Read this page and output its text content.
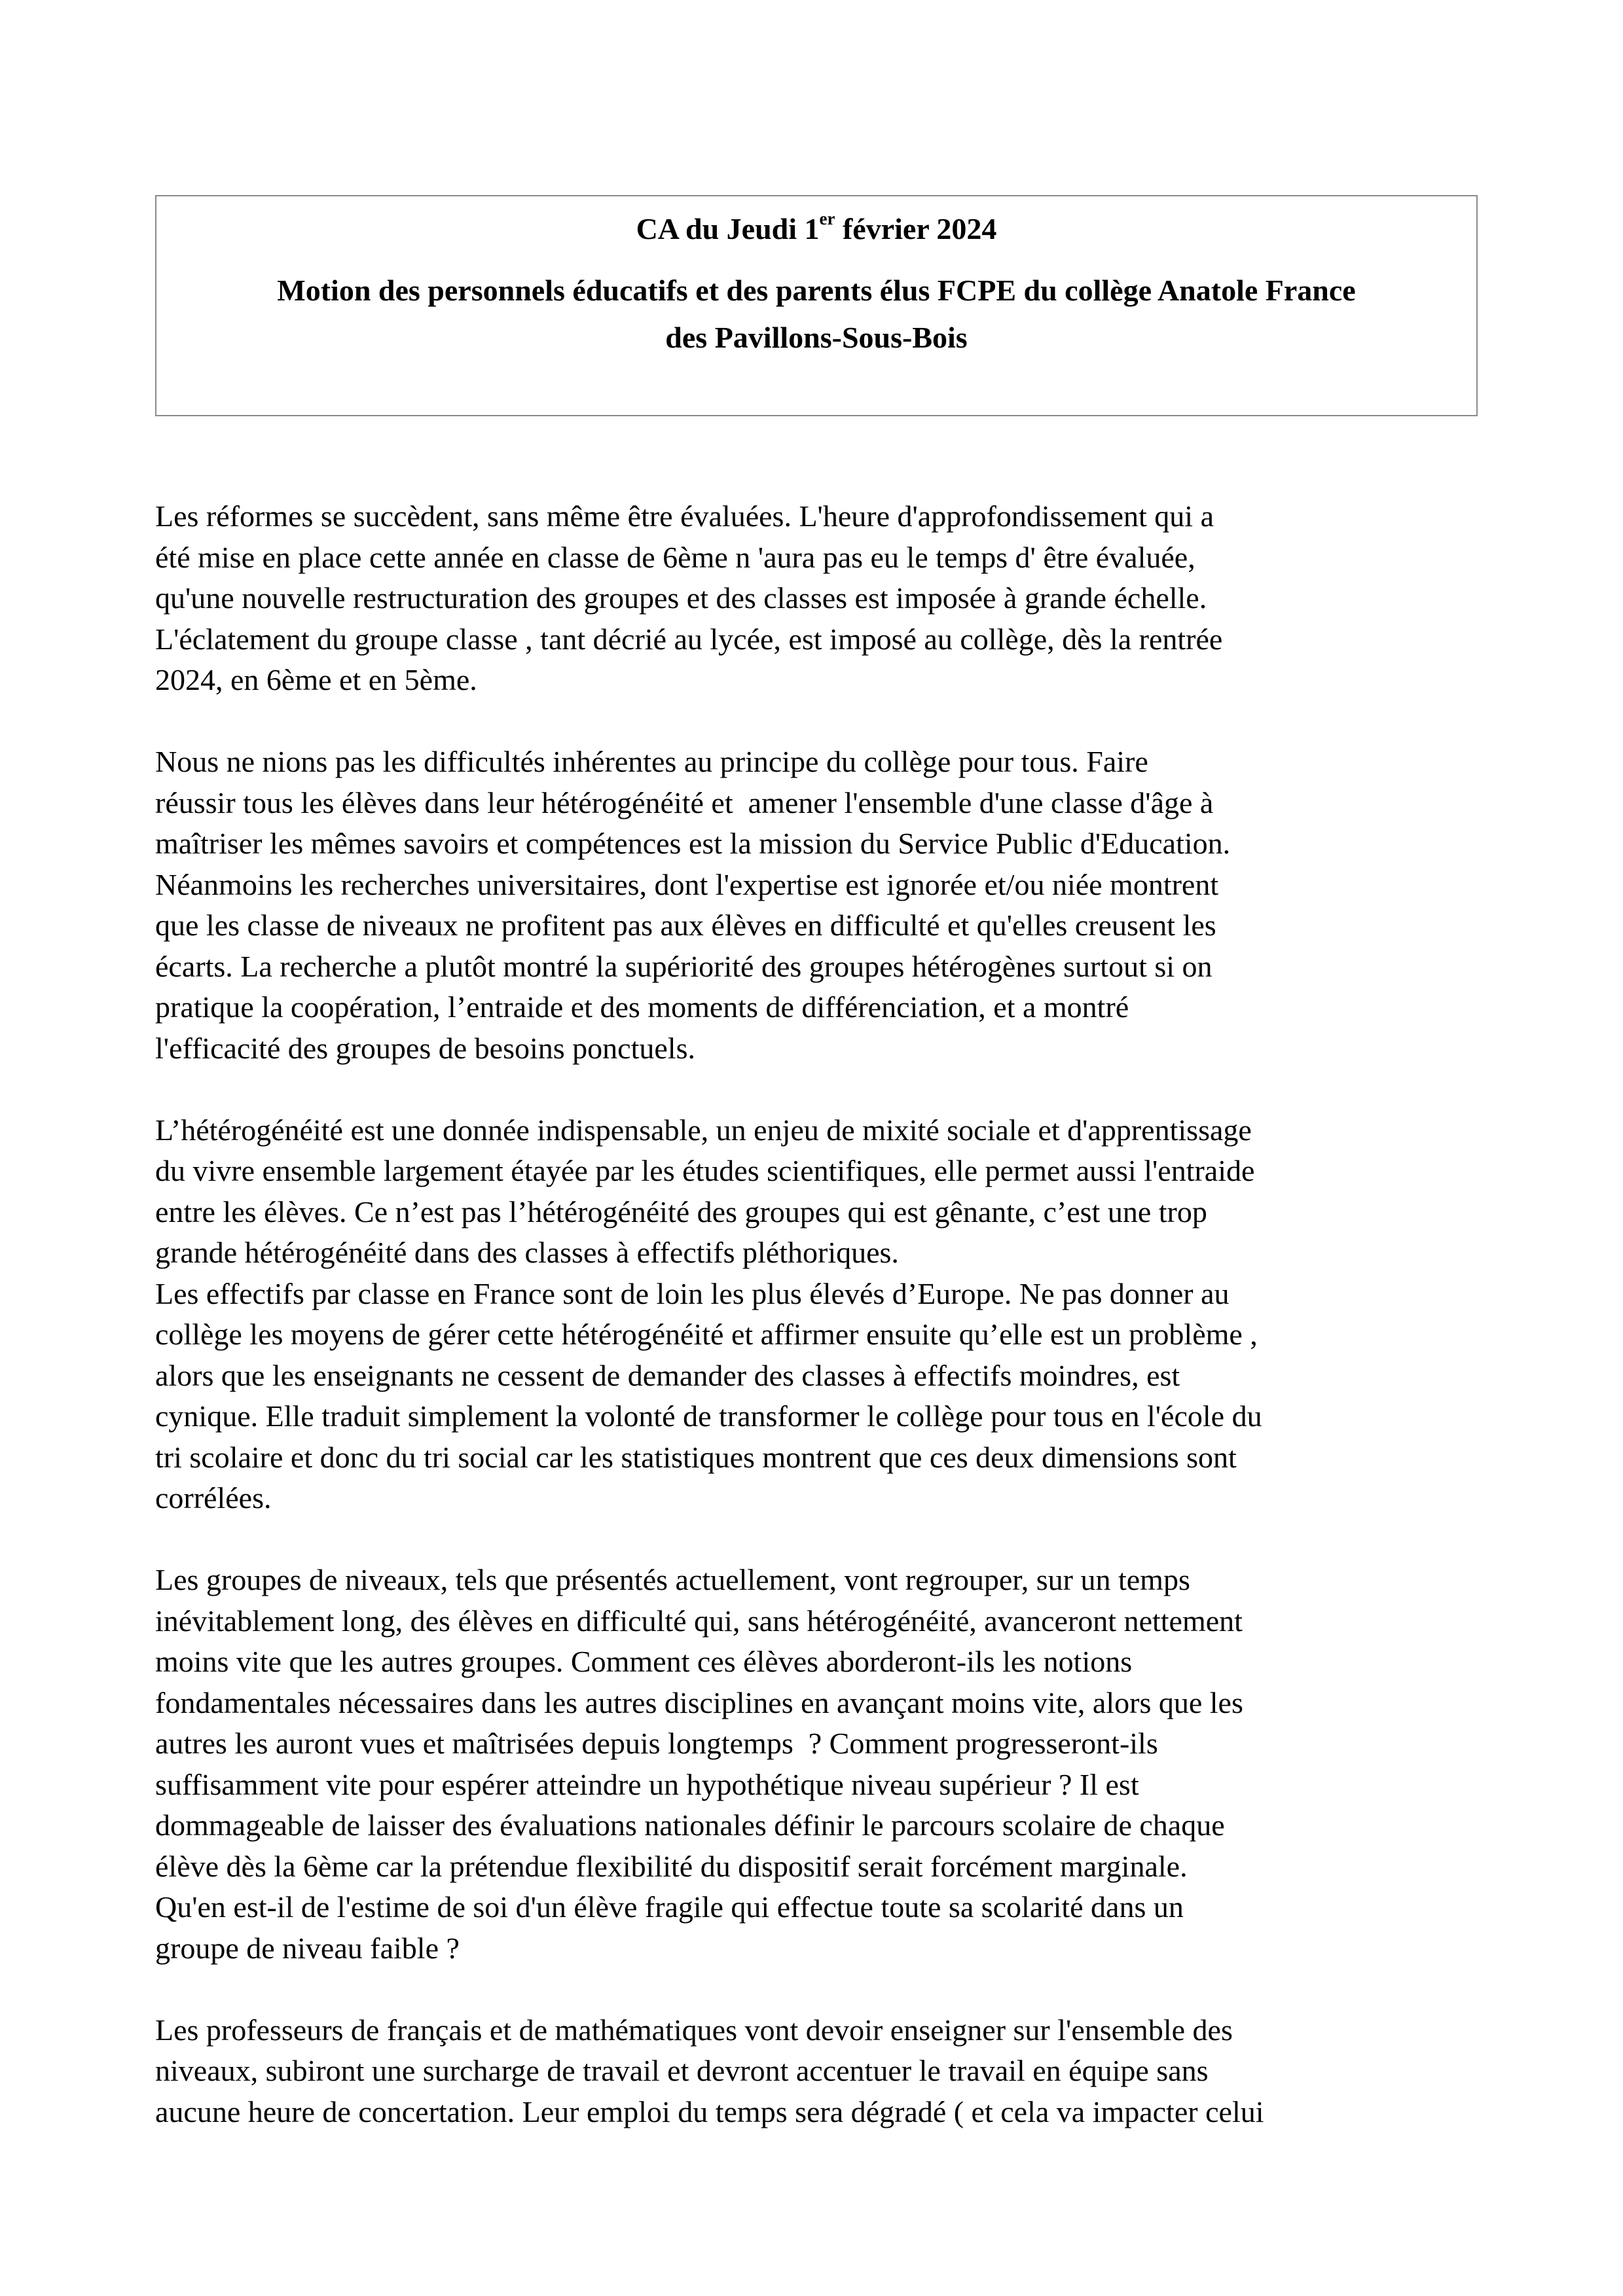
CA du Jeudi 1er février 2024

Motion des personnels éducatifs et des parents élus FCPE du collège Anatole France
des Pavillons-Sous-Bois

Les réformes se succèdent, sans même être évaluées. L'heure d'approfondissement qui a
été mise en place cette année en classe de 6ème n 'aura pas eu le temps d' être évaluée,
qu'une nouvelle restructuration des groupes et des classes est imposée à grande échelle.
L'éclatement du groupe classe , tant décrié au lycée, est imposé au collège, dès la rentrée
2024, en 6ème et en 5ème.
Nous ne nions pas les difficultés inhérentes au principe du collège pour tous. Faire
réussir tous les élèves dans leur hétérogénéité et  amener l'ensemble d'une classe d'âge à
maîtriser les mêmes savoirs et compétences est la mission du Service Public d'Education.
Néanmoins les recherches universitaires, dont l'expertise est ignorée et/ou niée montrent
que les classe de niveaux ne profitent pas aux élèves en difficulté et qu'elles creusent les
écarts. La recherche a plutôt montré la supériorité des groupes hétérogènes surtout si on
pratique la coopération, l’entraide et des moments de différenciation, et a montré
l'efficacité des groupes de besoins ponctuels.
L’hétérogénéité est une donnée indispensable, un enjeu de mixité sociale et d'apprentissage
du vivre ensemble largement étayée par les études scientifiques, elle permet aussi l'entraide
entre les élèves. Ce n’est pas l’hétérogénéité des groupes qui est gênante, c’est une trop
grande hétérogénéité dans des classes à effectifs pléthoriques.
Les effectifs par classe en France sont de loin les plus élevés d’Europe. Ne pas donner au
collège les moyens de gérer cette hétérogénéité et affirmer ensuite qu’elle est un problème ,
alors que les enseignants ne cessent de demander des classes à effectifs moindres, est
cynique. Elle traduit simplement la volonté de transformer le collège pour tous en l'école du
tri scolaire et donc du tri social car les statistiques montrent que ces deux dimensions sont
corrélées.
Les groupes de niveaux, tels que présentés actuellement, vont regrouper, sur un temps
inévitablement long, des élèves en difficulté qui, sans hétérogénéité, avanceront nettement
moins vite que les autres groupes. Comment ces élèves aborderont-ils les notions
fondamentales nécessaires dans les autres disciplines en avançant moins vite, alors que les
autres les auront vues et maîtrisées depuis longtemps  ? Comment progresseront-ils
suffisamment vite pour espérer atteindre un hypothétique niveau supérieur ? Il est
dommageable de laisser des évaluations nationales définir le parcours scolaire de chaque
élève dès la 6ème car la prétendue flexibilité du dispositif serait forcément marginale.
Qu'en est-il de l'estime de soi d'un élève fragile qui effectue toute sa scolarité dans un
groupe de niveau faible ?
Les professeurs de français et de mathématiques vont devoir enseigner sur l'ensemble des
niveaux, subiront une surcharge de travail et devront accentuer le travail en équipe sans
aucune heure de concertation. Leur emploi du temps sera dégradé ( et cela va impacter celui
